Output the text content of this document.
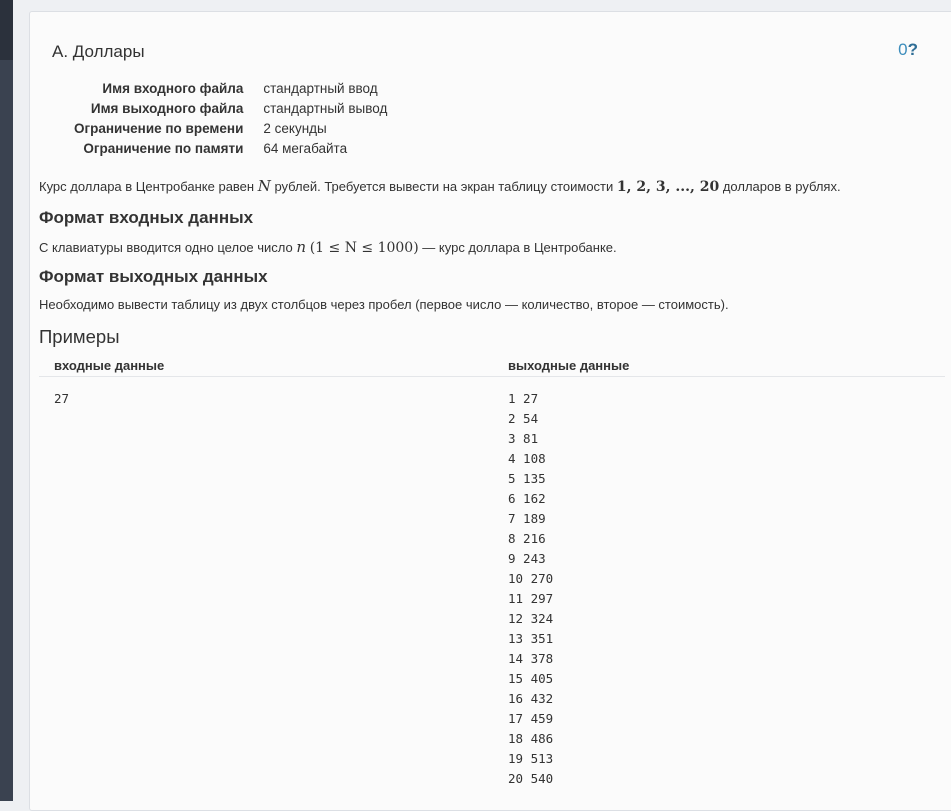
А. Доллары	0?
Имя входного файла	стандартный ввод
Имя выходного файла	стандартный вывод
Ограничение по времени	2 секунды
Ограничение по памяти	64 мегабайта

Курс доллара в Центробанке равен N рублей. Требуется вывести на экран таблицу стоимости 1, 2, 3, ..., 20 долларов в рублях.

Формат входных данных

С клавиатуры вводится одно целое число n (1 ≤ N ≤ 1000) — курс доллара в Центробанке.

Формат выходных данных

Необходимо вывести таблицу из двух столбцов через пробел (первое число — количество, второе — стоимость).

Примеры
входные данные	выходные данные
27	1 27
2 54
3 81
4 108
5 135
6 162
7 189
8 216
9 243
10 270
11 297
12 324
13 351
14 378
15 405
16 432
17 459
18 486
19 513
20 540
